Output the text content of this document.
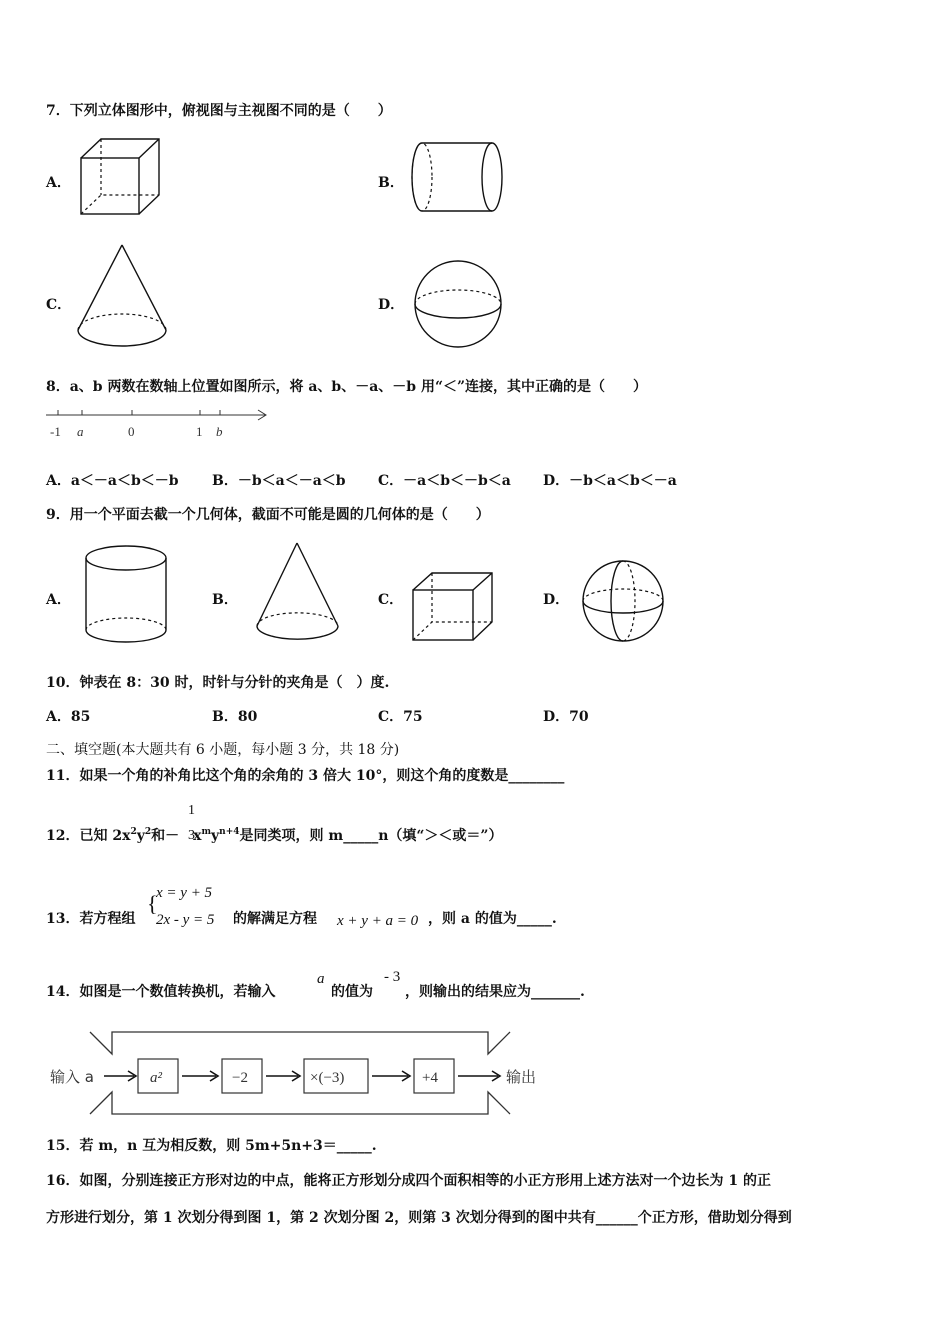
7．下列立体图形中，俯视图与主视图不同的是（　　）
A．	B．
C．	D．
8．a、b 两数在数轴上位置如图所示，将 a、b、－a、－b 用“＜”连接，其中正确的是（　　）
-1 a	0	1 b
A．a＜－a＜b＜－b B．－b＜a＜－a＜b C．－a＜b＜－b＜a D．－b＜a＜b＜－a
9．用一个平面去截一个几何体，截面不可能是圆的几何体的是（　　）
A．	B．	C．	D．
10．钟表在 8：30 时，时针与分针的夹角是（　）度.
A．85	B．80	C．75	D．70
二、填空题(本大题共有 6 小题，每小题 3 分，共 18 分)
11．如果一个角的补角比这个角的余角的 3 倍大 10°，则这个角的度数是________
12．已知 $2x^2y^2$和－ $x^my^{n+4}$是同类项，则 m_____n（填“＞＜或＝”）
1
3
13．若方程组
{
x = y + 5
2x - y = 5 的解满足方程 x + y + a = 0 ，则 a 的值为_____.
14．如图是一个数值转换机，若输入
a
的值为
- 3
，则输出的结果应为_______.
输入 a	a²	−2	×(−3)	+4	输出
15．若 m，n 互为相反数，则 5m+5n+3＝_____.
16．如图，分别连接正方形对边的中点，能将正方形划分成四个面积相等的小正方形用上述方法对一个边长为 1 的正
方形进行划分，第 1 次划分得到图 1，第 2 次划分图 2，则第 3 次划分得到的图中共有______个正方形，借助划分得到
